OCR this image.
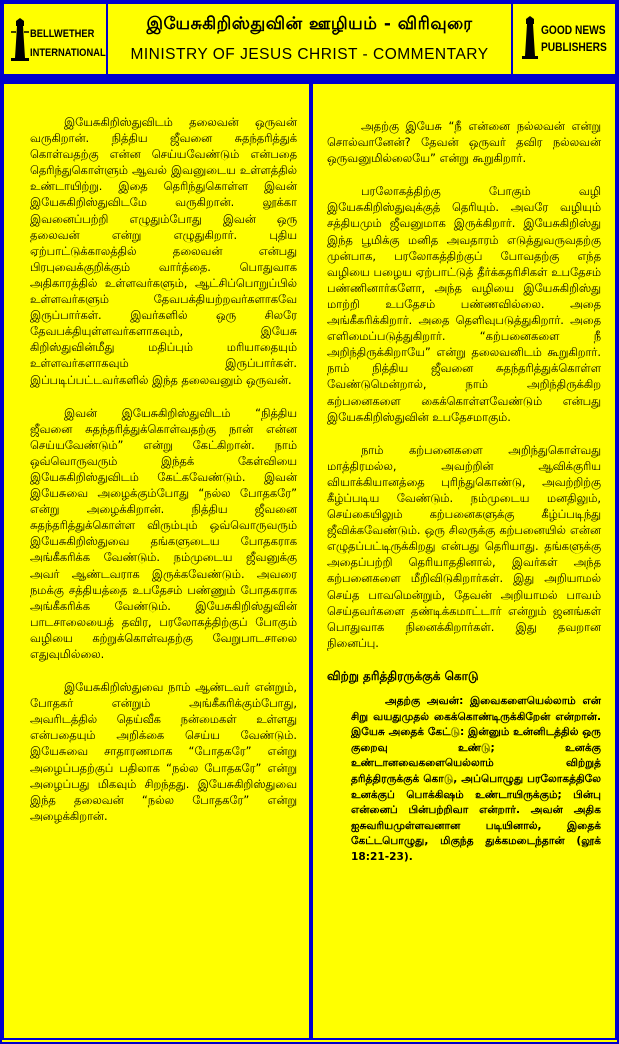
BELLWETHER
INTERNATIONAL
இயேசுகிறிஸ்துவின் ஊழியம் - விரிவுரை
MINISTRY OF JESUS CHRIST - COMMENTARY
GOOD NEWS
PUBLISHERS

இயேசுகிறிஸ்துவிடம் தலைவன் ஒருவன் வருகிறான். நித்திய ஜீவனை சுதந்தரித்துக் கொள்வதற்கு என்ன செய்யவேண்டும் என்பதை தெரிந்துகொள்ளும் ஆவல் இவனுடைய உள்ளத்தில் உண்டாயிற்று. இதை தெரிந்துகொள்ள இவன் இயேசுகிறிஸ்துவிடமே வருகிறான். லூக்கா இவனைப்பற்றி எழுதும்போது இவன் ஒரு தலைவன் என்று எழுதுகிறார். புதிய ஏற்பாட்டுக்காலத்தில் தலைவன் என்பது பிரபுவைக்குறிக்கும் வார்த்தை. பொதுவாக அதிகாரத்தில் உள்ளவர்களும், ஆட்சிப்பொறுப்பில் உள்ளவர்களும் தேவபக்தியற்றவர்களாகவே இருப்பார்கள். இவர்களில் ஒரு சிலரே தேவபக்தியுள்ளவர்களாகவும், இயேசு கிறிஸ்துவின்மீது மதிப்பும் மரியாதையும் உள்ளவர்களாகவும் இருப்பார்கள். இப்படிப்பட்டவர்களில் இந்த தலைவனும் ஒருவன்.

இவன் இயேசுகிறிஸ்துவிடம் “நித்திய ஜீவனை சுதந்தரித்துக்கொள்வதற்கு நான் என்ன செய்யவேண்டும்” என்று கேட்கிறான். நாம் ஒவ்வொருவரும் இந்தக் கேள்வியை இயேசுகிறிஸ்துவிடம் கேட்கவேண்டும். இவன் இயேசுவை அழைக்கும்போது “நல்ல போதகரே” என்று அழைக்கிறான். நித்திய ஜீவனை சுதந்தரித்துக்கொள்ள விரும்பும் ஒவ்வொருவரும் இயேசுகிறிஸ்துவை தங்களுடைய போதகராக அங்கீகரிக்க வேண்டும். நம்முடைய ஜீவனுக்கு அவர் ஆண்டவராக இருக்கவேண்டும். அவரை நமக்கு சத்தியத்தை உபதேசம் பண்ணும் போதகராக அங்கீகரிக்க வேண்டும். இயேசுகிறிஸ்துவின் பாடசாலையைத் தவிர, பரலோகத்திற்குப் போகும் வழியை கற்றுக்கொள்வதற்கு வேறுபாடசாலை எதுவுமில்லை.

இயேசுகிறிஸ்துவை நாம் ஆண்டவர் என்றும், போதகர் என்றும் அங்கீகரிக்கும்போது, அவரிடத்தில் தெய்வீக நன்மைகள் உள்ளது என்பதையும் அறிக்கை செய்ய வேண்டும். இயேசுவை சாதாரணமாக “போதகரே” என்று அழைப்பதற்குப் பதிலாக “நல்ல போதகரே” என்று அழைப்பது மிகவும் சிறந்தது. இயேசுகிறிஸ்துவை இந்த தலைவன் “நல்ல போதகரே” என்று அழைக்கிறான்.

அதற்கு இயேசு “நீ என்னை நல்லவன் என்று சொல்வானேன்? தேவன் ஒருவர் தவிர நல்லவன் ஒருவனுமில்லையே” என்று கூறுகிறார்.

பரலோகத்திற்கு போகும் வழி இயேசுகிறிஸ்துவுக்குத் தெரியும். அவரே வழியும் சத்தியமும் ஜீவனுமாக இருக்கிறார். இயேசுகிறிஸ்து இந்த பூமிக்கு மனித அவதாரம் எடுத்துவருவதற்கு முன்பாக, பரலோகத்திற்குப் போவதற்கு எந்த வழியை பழைய ஏற்பாட்டுத் தீர்க்கதரிசிகள் உபதேசம் பண்ணினார்களோ, அந்த வழியை இயேசுகிறிஸ்து மாற்றி உபதேசம் பண்ணவில்லை. அதை அங்கீகரிக்கிறார். அதை தெளிவுபடுத்துகிறார். அதை எளிமைப்படுத்துகிறார். “கற்பனைகளை நீ அறிந்திருக்கிறாயே” என்று தலைவனிடம் கூறுகிறார். நாம் நித்திய ஜீவனை சுதந்தரித்துக்கொள்ள வேண்டுமென்றால், நாம் அறிந்திருக்கிற கற்பனைகளை கைக்கொள்ளவேண்டும் என்பது இயேசுகிறிஸ்துவின் உபதேசமாகும்.

நாம் கற்பனைகளை அறிந்துகொள்வது மாத்திரமல்ல, அவற்றின் ஆவிக்குரிய வியாக்கியானத்தை புரிந்துகொண்டு, அவற்றிற்கு கீழ்ப்படிய வேண்டும். நம்முடைய மனதிலும், செய்கையிலும் கற்பனைகளுக்கு கீழ்ப்படிந்து ஜீவிக்கவேண்டும். ஒரு சிலருக்கு கற்பனையில் என்ன எழுதப்பட்டிருக்கிறது என்பது தெரியாது. தங்களுக்கு அதைப்பற்றி தெரியாததினால், இவர்கள் அந்த கற்பனைகளை மீறிவிடுகிறார்கள். இது அறியாமல் செய்த பாவமென்றும், தேவன் அறியாமல் பாவம் செய்தவர்களை தண்டிக்கமாட்டார் என்றும் ஜனங்கள் பொதுவாக நினைக்கிறார்கள். இது தவறான நினைப்பு.

விற்று தரித்திரருக்குக் கொடு

அதற்கு அவன்: இவைகளையெல்லாம் என் சிறு வயதுமுதல் கைக்கொண்டிருக்கிறேன் என்றான். இயேசு அதைக் கேட்டு: இன்னும் உன்னிடத்தில் ஒரு குறைவு உண்டு; உனக்கு உண்டானவைகளையெல்லாம் விற்றுத் தரித்திரருக்குக் கொடு, அப்பொழுது பரலோகத்திலே உனக்குப் பொக்கிஷம் உண்டாயிருக்கும்; பின்பு என்னைப் பின்பற்றிவா என்றார். அவன் அதிக ஐசுவரியமுள்ளவனான படியினால், இதைக் கேட்டபொழுது, மிகுந்த துக்கமடைந்தான் (லூக் 18:21-23).
